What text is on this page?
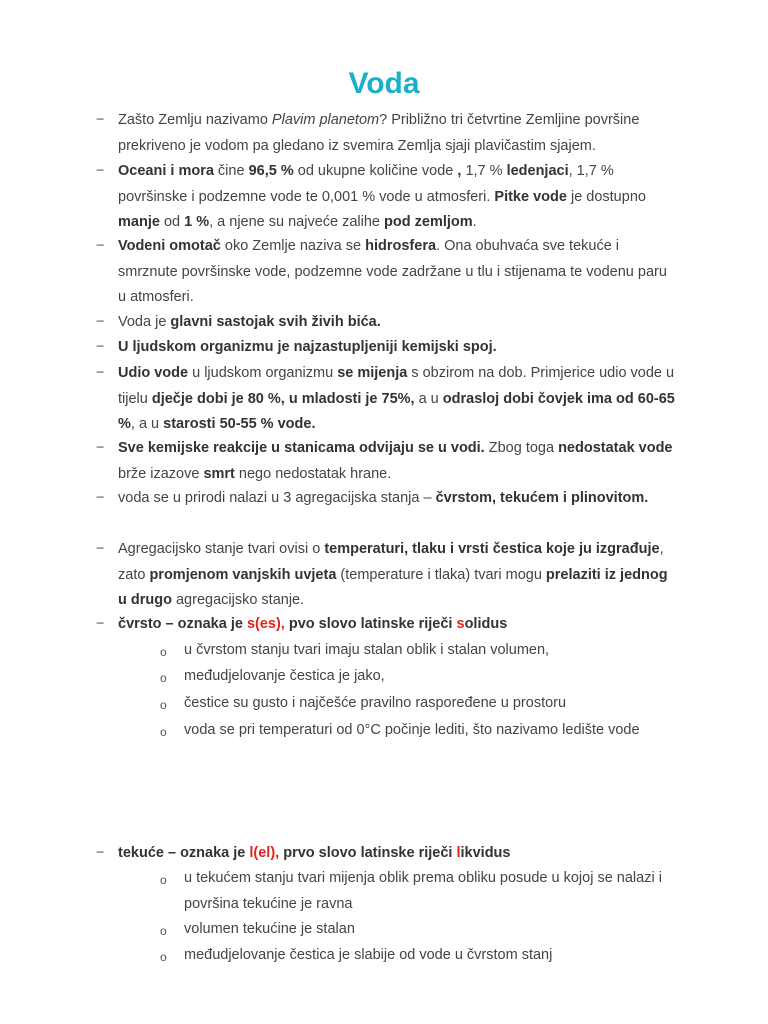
Voda
− Zašto Zemlju nazivamo Plavim planetom? Približno tri četvrtine Zemljine površine prekriveno je vodom pa gledano iz svemira Zemlja sjaji plavičastim sjajem.
− Oceani i mora čine 96,5 % od ukupne količine vode , 1,7 % ledenjaci, 1,7 % površinske i podzemne vode te 0,001 % vode u atmosferi. Pitke vode je dostupno manje od 1 %, a njene su najveće zalihe pod zemljom.
− Vodeni omotač oko Zemlje naziva se hidrosfera. Ona obuhvaća sve tekuće i smrznute površinske vode, podzemne vode zadržane u tlu i stijenama te vodenu paru u atmosferi.
− Voda je glavni sastojak svih živih bića.
− U ljudskom organizmu je najzastupljeniji kemijski spoj.
− Udio vode u ljudskom organizmu se mijenja s obzirom na dob. Primjerice udio vode u tijelu dječje dobi je 80 %, u mladosti je 75%, a u odrasloj dobi čovjek ima od 60-65 %, a u starosti 50-55 % vode.
− Sve kemijske reakcije u stanicama odvijaju se u vodi. Zbog toga nedostatak vode brže izazove smrt nego nedostatak hrane.
− voda se u prirodi nalazi u 3 agregacijska stanja – čvrstom, tekućem i plinovitom.
− Agregacijsko stanje tvari ovisi o temperaturi, tlaku i vrsti čestica koje ju izgrađuje, zato promjenom vanjskih uvjeta (temperature i tlaka) tvari mogu prelaziti iz jednog u drugo agregacijsko stanje.
− čvrsto – oznaka je s(es), pvo slovo latinske riječi solidus
o u čvrstom stanju tvari imaju stalan oblik i stalan volumen,
o međudjelovanje čestica je jako,
o čestice su gusto i najčešće pravilno raspoređene u prostoru
o voda se pri temperaturi od 0°C počinje lediti, što nazivamo ledište vode
− tekuće – oznaka je l(el), prvo slovo latinske riječi likvidus
o u tekućem stanju tvari mijenja oblik prema obliku posude u kojoj se nalazi i površina tekućine je ravna
o volumen tekućine je stalan
o međudjelovanje čestica je slabije od vode u čvrstom stanj
